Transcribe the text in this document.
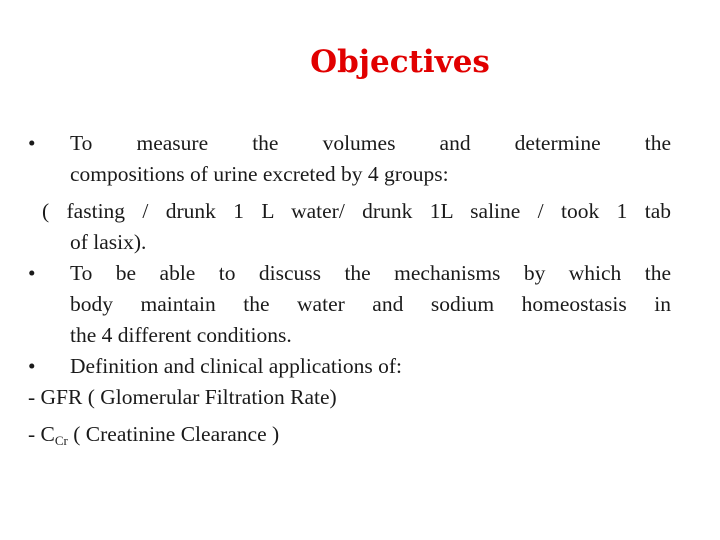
Objectives
•	To measure the volumes and determine the
compositions of urine excreted by 4 groups:
( fasting / drunk 1 L water/ drunk 1L saline / took 1 tab
of lasix).
•	To be able to discuss the mechanisms by which the
body maintain the water and sodium homeostasis in
the 4 different conditions.
•	Definition and clinical applications of:
- GFR ( Glomerular Filtration Rate)
- $C_{Cr}$ ( Creatinine Clearance )
